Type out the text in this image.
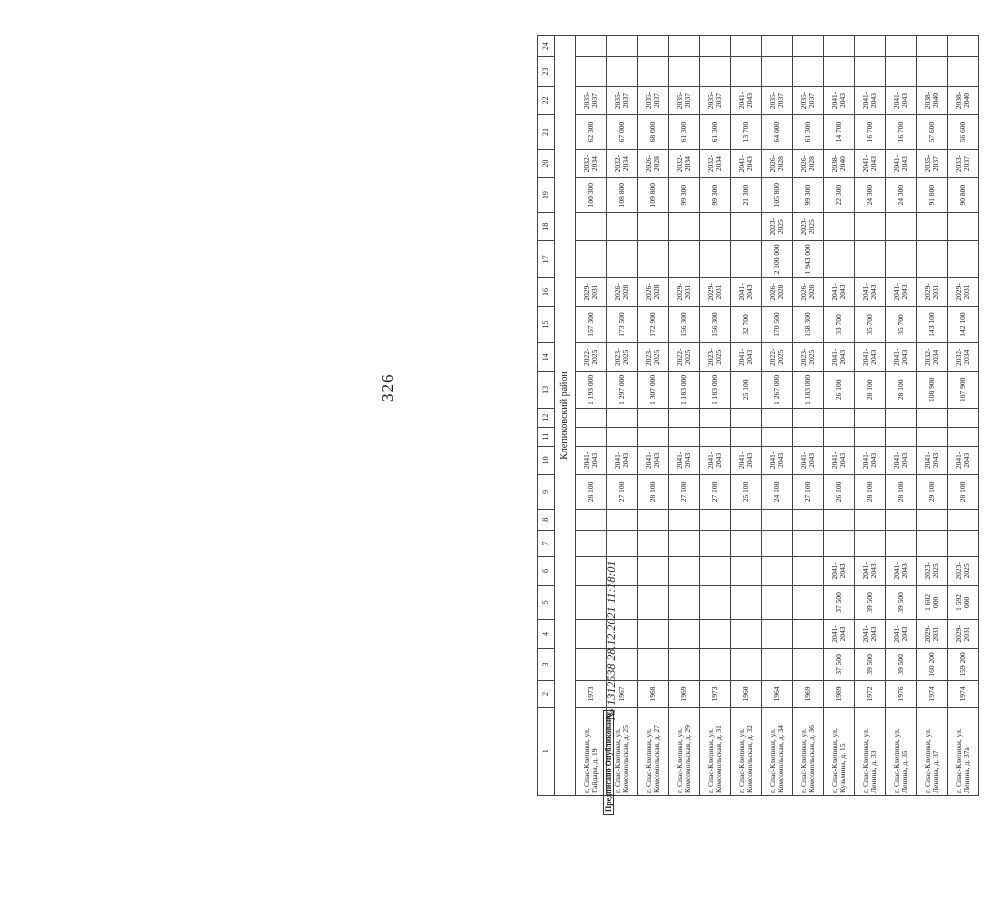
326
1	2	3	4	5	6	7	8	9	10	11	12	13	14	15	16	17	18	19	20	21	22	23	24
Клепиковский район																							
г. Спас-Клепики, ул. Гайдара, д. 19	1973							28 100	2041-2043			1 193 000	2022-2025	157 300	2029-2031			100 300	2032-2034	62 300	2035-2037		
г. Спас-Клепики, ул. Комсомольская, д. 25	1967							27 100	2041-2043			1 297 000	2023-2025	173 500	2026-2028			108 800	2032-2034	67 000	2035-2037		
г. Спас-Клепики, ул. Комсомольская, д. 27	1968							28 100	2041-2043			1 307 000	2023-2025	172 900	2026-2028			109 800	2026-2028	68 000	2035-2037		
г. Спас-Клепики, ул. Комсомольская, д. 29	1969							27 100	2041-2043			1 183 000	2022-2025	156 300	2029-2031			99 300	2032-2034	61 300	2035-2037		
г. Спас-Клепики, ул. Комсомольская, д. 31	1973							27 100	2041-2043			1 183 000	2023-2025	156 300	2029-2031			99 300	2032-2034	61 300	2035-2037		
г. Спас-Клепики, ул. Комсомольская, д. 32	1960							25 100	2041-2043			25 100	2041-2043	32 700	2041-2043			21 300	2041-2043	13 700	2041-2043		
г. Спас-Клепики, ул. Комсомольская, д. 34	1964							24 100	2041-2043			1 267 000	2022-2025	170 500	2026-2028	2 100 000	2023-2025	105 800	2026-2028	64 000	2035-2037		
г. Спас-Клепики, ул. Комсомольская, д. 36	1969							27 100	2041-2043			1 183 000	2023-2025	158 300	2026-2028	1 943 000	2023-2025	99 300	2026-2028	61 300	2035-2037		
г. Спас-Клепики, ул. Кузьмина, д. 15	1989	37 500	2041-2043	37 500	2041-2043			26 100	2041-2043			26 100	2041-2043	33 700	2041-2043			22 300	2038-2040	14 700	2041-2043		
г. Спас-Клепики, ул. Ленина, д. 33	1972	39 500	2041-2043	39 500	2041-2043			28 100	2041-2043			28 100	2041-2043	35 700	2041-2043			24 300	2041-2043	16 700	2041-2043		
г. Спас-Клепики, ул. Ленина, д. 35	1976	39 500	2041-2043	39 500	2041-2043			28 100	2041-2043			28 100	2041-2043	35 700	2041-2043			24 300	2041-2043	16 700	2041-2043		
г. Спас-Клепики, ул. Ленина, д. 37	1974	160 200	2029-2031	1 602 000	2023-2025			29 100	2041-2043			108 900	2032-2034	143 100	2029-2031			91 800	2035-2037	57 600	2038-2040		
г. Спас-Клепики, ул. Ленина, д. 37а	1974	159 200	2029-2031	1 592 000	2023-2025			28 100	2041-2043			107 900	2032-2034	142 100	2029-2031			90 800	2033-2037	56 600	2038-2040		
№ 1312538 28.12.2021 11:18:01
Предписано Опубликовано
